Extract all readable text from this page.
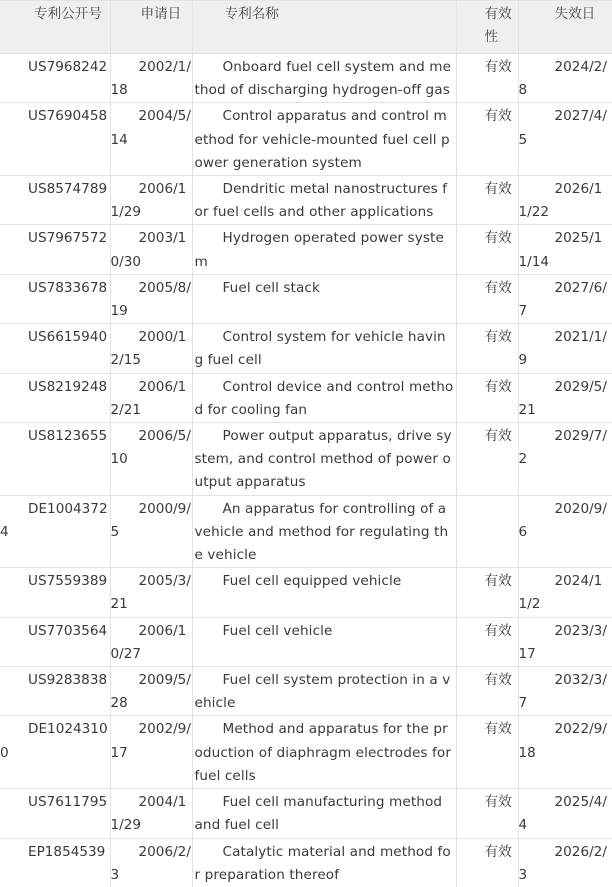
专利公开号	申请日	专利名称	有效性	失效日
US7968242	2002/1/18	Onboard fuel cell system and method of discharging hydrogen-off gas	有效	2024/2/8
US7690458	2004/5/14	Control apparatus and control method for vehicle-mounted fuel cell power generation system	有效	2027/4/5
US8574789	2006/11/29	Dendritic metal nanostructures for fuel cells and other applications	有效	2026/11/22
US7967572	2003/10/30	Hydrogen operated power system	有效	2025/11/14
US7833678	2005/8/19	Fuel cell stack	有效	2027/6/7
US6615940	2000/12/15	Control system for vehicle having fuel cell	有效	2021/1/9
US8219248	2006/12/21	Control device and control method for cooling fan	有效	2029/5/21
US8123655	2006/5/10	Power output apparatus, drive system, and control method of power output apparatus	有效	2029/7/2
DE10043724	2000/9/5	An apparatus for controlling of a vehicle and method for regulating the vehicle		2020/9/6
US7559389	2005/3/21	Fuel cell equipped vehicle	有效	2024/11/2
US7703564	2006/10/27	Fuel cell vehicle	有效	2023/3/17
US9283838	2009/5/28	Fuel cell system protection in a vehicle	有效	2032/3/7
DE10243100	2002/9/17	Method and apparatus for the production of diaphragm electrodes for fuel cells	有效	2022/9/18
US7611795	2004/11/29	Fuel cell manufacturing method and fuel cell	有效	2025/4/4
EP1854539	2006/2/3	Catalytic material and method for preparation thereof	有效	2026/2/3
